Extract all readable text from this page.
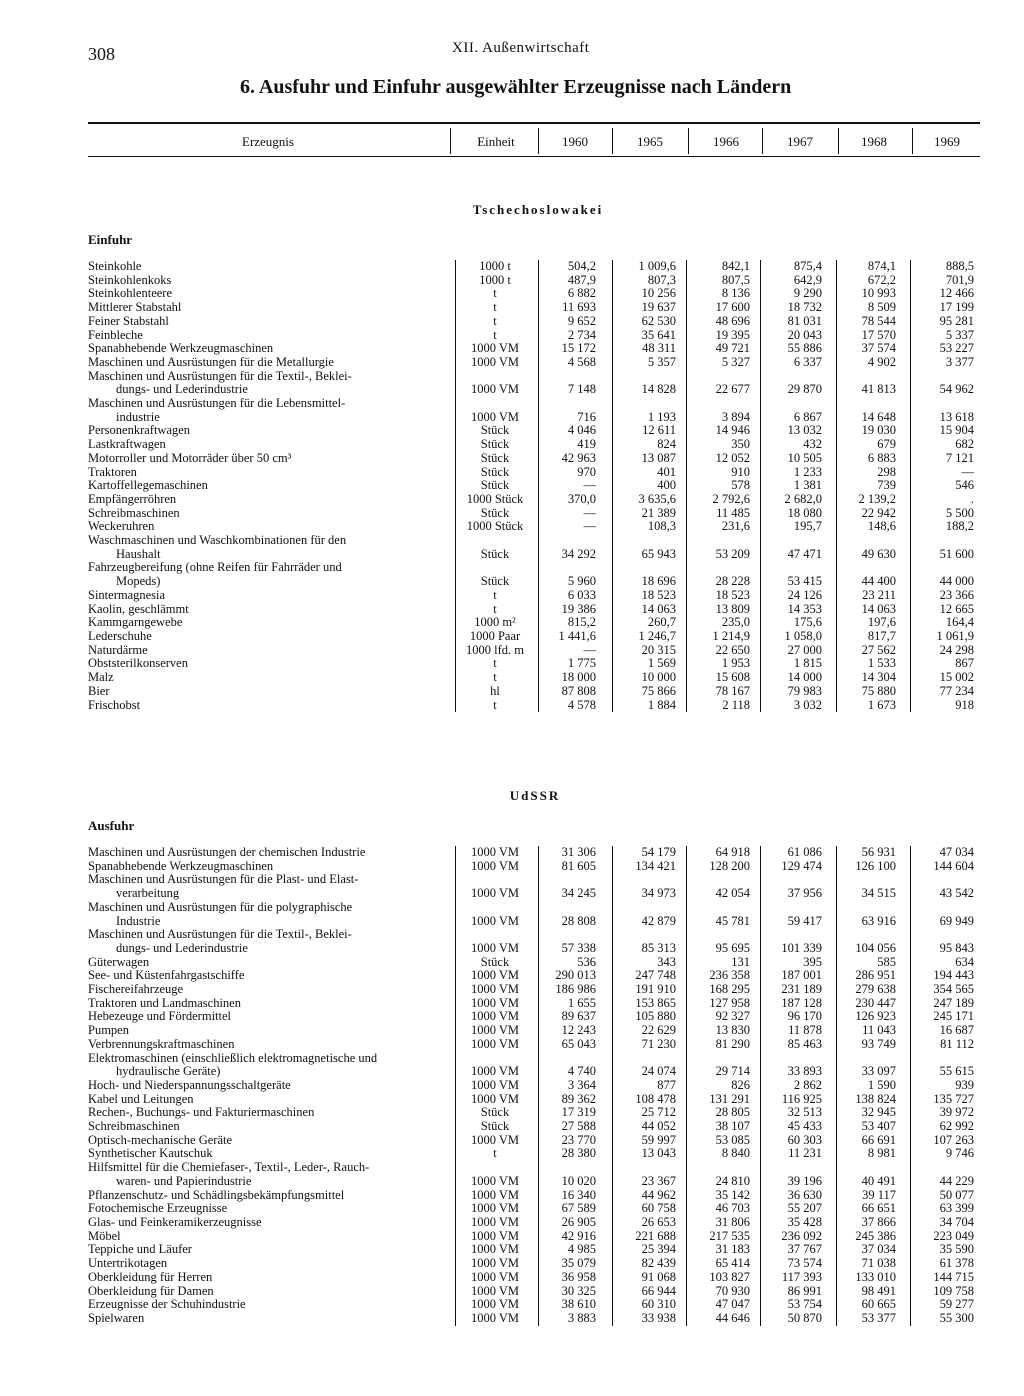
308	XII. Außenwirtschaft
6. Ausfuhr und Einfuhr ausgewählter Erzeugnisse nach Ländern
Erzeugnis	Einheit	1960	1965	1966	1967	1968	1969
Tschechoslowakei
Einfuhr
Steinkohle	1000 t	504,2	1 009,6	842,1	875,4	874,1	888,5
Steinkohlenkoks	1000 t	487,9	807,3	807,5	642,9	672,2	701,9
Steinkohlenteere	t	6 882	10 256	8 136	9 290	10 993	12 466
Mittlerer Stabstahl	t	11 693	19 637	17 600	18 732	8 509	17 199
Feiner Stabstahl	t	9 652	62 530	48 696	81 031	78 544	95 281
Feinbleche	t	2 734	35 641	19 395	20 043	17 570	5 337
Spanabhebende Werkzeugmaschinen	1000 VM	15 172	48 311	49 721	55 886	37 574	53 227
Maschinen und Ausrüstungen für die Metallurgie	1000 VM	4 568	5 357	5 327	6 337	4 902	3 377
Maschinen und Ausrüstungen für die Textil-, Beklei-
dungs- und Lederindustrie	1000 VM	7 148	14 828	22 677	29 870	41 813	54 962
Maschinen und Ausrüstungen für die Lebensmittel-
industrie	1000 VM	716	1 193	3 894	6 867	14 648	13 618
Personenkraftwagen	Stück	4 046	12 611	14 946	13 032	19 030	15 904
Lastkraftwagen	Stück	419	824	350	432	679	682
Motorroller und Motorräder über 50 cm³	Stück	42 963	13 087	12 052	10 505	6 883	7 121
Traktoren	Stück	970	401	910	1 233	298	—
Kartoffellegemaschinen	Stück	—	400	578	1 381	739	546
Empfängerröhren	1000 Stück	370,0	3 635,6	2 792,6	2 682,0	2 139,2	.
Schreibmaschinen	Stück	—	21 389	11 485	18 080	22 942	5 500
Weckeruhren	1000 Stück	—	108,3	231,6	195,7	148,6	188,2
Waschmaschinen und Waschkombinationen für den
Haushalt	Stück	34 292	65 943	53 209	47 471	49 630	51 600
Fahrzeugbereifung (ohne Reifen für Fahrräder und
Mopeds)	Stück	5 960	18 696	28 228	53 415	44 400	44 000
Sintermagnesia	t	6 033	18 523	18 523	24 126	23 211	23 366
Kaolin, geschlämmt	t	19 386	14 063	13 809	14 353	14 063	12 665
Kammgarngewebe	1000 m²	815,2	260,7	235,0	175,6	197,6	164,4
Lederschuhe	1000 Paar	1 441,6	1 246,7	1 214,9	1 058,0	817,7	1 061,9
Naturdärme	1000 lfd. m	—	20 315	22 650	27 000	27 562	24 298
Obststerilkonserven	t	1 775	1 569	1 953	1 815	1 533	867
Malz	t	18 000	10 000	15 608	14 000	14 304	15 002
Bier	hl	87 808	75 866	78 167	79 983	75 880	77 234
Frischobst	t	4 578	1 884	2 118	3 032	1 673	918
UdSSR
Ausfuhr
Maschinen und Ausrüstungen der chemischen Industrie	1000 VM	31 306	54 179	64 918	61 086	56 931	47 034
Spanabhebende Werkzeugmaschinen	1000 VM	81 605	134 421	128 200	129 474	126 100	144 604
Maschinen und Ausrüstungen für die Plast- und Elast-
verarbeitung	1000 VM	34 245	34 973	42 054	37 956	34 515	43 542
Maschinen und Ausrüstungen für die polygraphische
Industrie	1000 VM	28 808	42 879	45 781	59 417	63 916	69 949
Maschinen und Ausrüstungen für die Textil-, Beklei-
dungs- und Lederindustrie	1000 VM	57 338	85 313	95 695	101 339	104 056	95 843
Güterwagen	Stück	536	343	131	395	585	634
See- und Küstenfahrgastschiffe	1000 VM	290 013	247 748	236 358	187 001	286 951	194 443
Fischereifahrzeuge	1000 VM	186 986	191 910	168 295	231 189	279 638	354 565
Traktoren und Landmaschinen	1000 VM	1 655	153 865	127 958	187 128	230 447	247 189
Hebezeuge und Fördermittel	1000 VM	89 637	105 880	92 327	96 170	126 923	245 171
Pumpen	1000 VM	12 243	22 629	13 830	11 878	11 043	16 687
Verbrennungskraftmaschinen	1000 VM	65 043	71 230	81 290	85 463	93 749	81 112
Elektromaschinen (einschließlich elektromagnetische und
hydraulische Geräte)	1000 VM	4 740	24 074	29 714	33 893	33 097	55 615
Hoch- und Niederspannungsschaltgeräte	1000 VM	3 364	877	826	2 862	1 590	939
Kabel und Leitungen	1000 VM	89 362	108 478	131 291	116 925	138 824	135 727
Rechen-, Buchungs- und Fakturiermaschinen	Stück	17 319	25 712	28 805	32 513	32 945	39 972
Schreibmaschinen	Stück	27 588	44 052	38 107	45 433	53 407	62 992
Optisch-mechanische Geräte	1000 VM	23 770	59 997	53 085	60 303	66 691	107 263
Synthetischer Kautschuk	t	28 380	13 043	8 840	11 231	8 981	9 746
Hilfsmittel für die Chemiefaser-, Textil-, Leder-, Rauch-
waren- und Papierindustrie	1000 VM	10 020	23 367	24 810	39 196	40 491	44 229
Pflanzenschutz- und Schädlingsbekämpfungsmittel	1000 VM	16 340	44 962	35 142	36 630	39 117	50 077
Fotochemische Erzeugnisse	1000 VM	67 589	60 758	46 703	55 207	66 651	63 399
Glas- und Feinkeramikerzeugnisse	1000 VM	26 905	26 653	31 806	35 428	37 866	34 704
Möbel	1000 VM	42 916	221 688	217 535	236 092	245 386	223 049
Teppiche und Läufer	1000 VM	4 985	25 394	31 183	37 767	37 034	35 590
Untertrikotagen	1000 VM	35 079	82 439	65 414	73 574	71 038	61 378
Oberkleidung für Herren	1000 VM	36 958	91 068	103 827	117 393	133 010	144 715
Oberkleidung für Damen	1000 VM	30 325	66 944	70 930	86 991	98 491	109 758
Erzeugnisse der Schuhindustrie	1000 VM	38 610	60 310	47 047	53 754	60 665	59 277
Spielwaren	1000 VM	3 883	33 938	44 646	50 870	53 377	55 300
